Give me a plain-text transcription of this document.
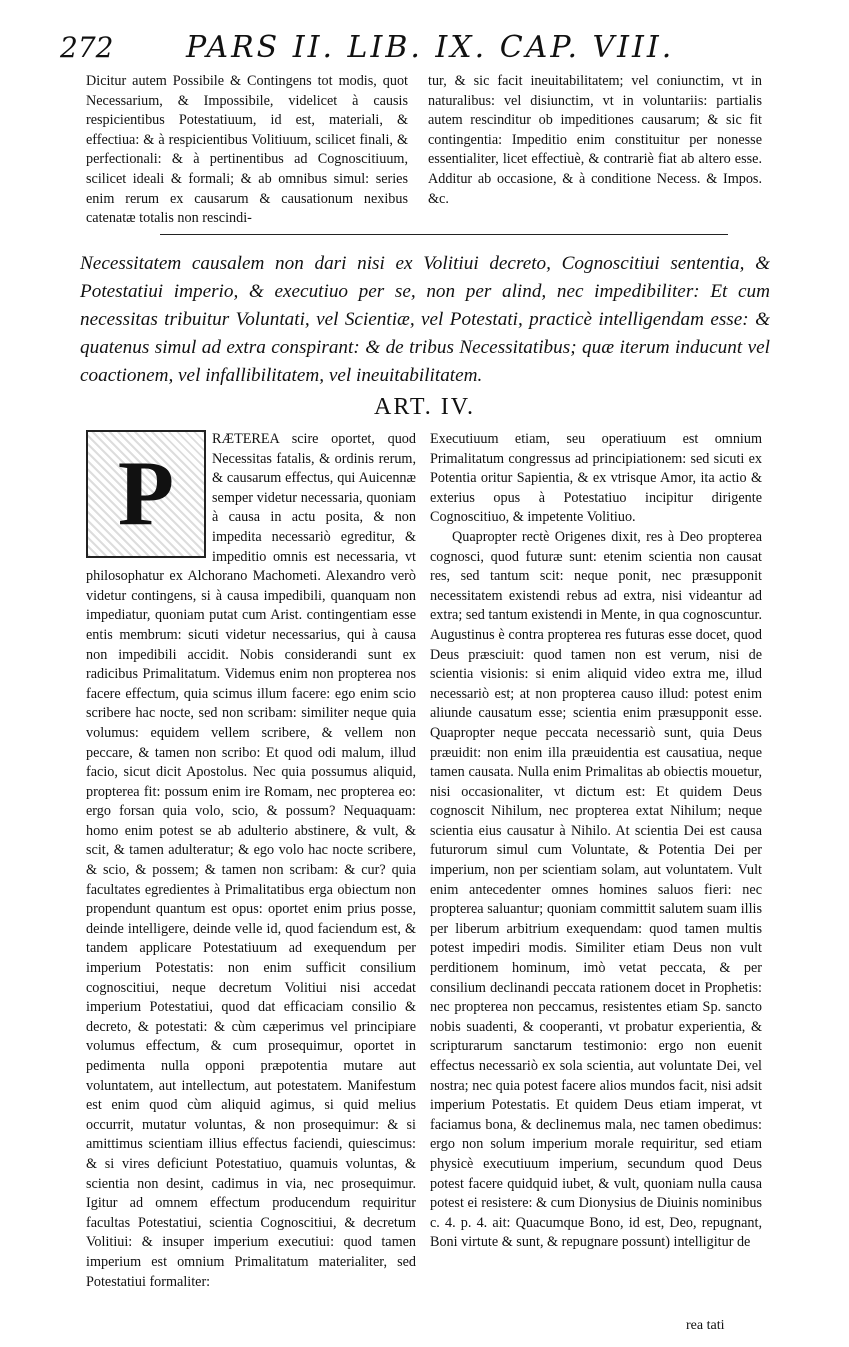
272	PARS II. LIB. IX. CAP. VIII.

Dicitur autem Possibile & Contingens tot modis, quot Necessarium, & Impossibile, videlicet à causis respicientibus Potestatiuum, id est, materiali, & effectiua: & à respicientibus Volitiuum, scilicet finali, & perfectionali: & à pertinentibus ad Cognoscitiuum, scilicet ideali & formali; & ab omnibus simul: series enim rerum ex causarum & causationum nexibus catenatæ totalis non rescindi-

tur, & sic facit ineuitabilitatem; vel coniunctim, vt in naturalibus: vel disiunctim, vt in voluntariis: partialis autem rescinditur ob impeditiones causarum; & sic fit contingentia: Impeditio enim constituitur per nonesse essentialiter, licet effectiuè, & contrariè fiat ab altero esse. Additur ab occasione, & à conditione Necess. & Impos. &c.

Necessitatem causalem non dari nisi ex Volitiui decreto, Cognoscitiui sententia, & Potestatiui imperio, & executiuo per se, non per alind, nec impedibiliter: Et cum necessitas tribuitur Voluntati, vel Scientiæ, vel Potestati, practicè intelligendam esse: & quatenus simul ad extra conspirant: & de tribus Necessitatibus; quæ iterum inducunt vel coactionem, vel infallibilitatem, vel ineuitabilitatem.
ART. IV.
P

RÆTEREA scire oportet, quod Necessitas fatalis, & ordinis rerum, & causarum effectus, qui Auicennæ semper videtur necessaria, quoniam à causa in actu posita, & non impedita necessariò egreditur, & impeditio omnis est necessaria, vt philosophatur ex Alchorano Machometi. Alexandro verò videtur contingens, si à causa impedibili, quanquam non impediatur, quoniam putat cum Arist. contingentiam esse entis membrum: sicuti videtur necessarius, qui à causa non impedibili accidit. Nobis considerandi sunt ex radicibus Primalitatum. Videmus enim non propterea nos facere effectum, quia scimus illum facere: ego enim scio scribere hac nocte, sed non scribam: similiter neque quia volumus: equidem vellem scribere, & vellem non peccare, & tamen non scribo: Et quod odi malum, illud facio, sicut dicit Apostolus. Nec quia possumus aliquid, propterea fit: possum enim ire Romam, nec propterea eo: ergo forsan quia volo, scio, & possum? Nequaquam: homo enim potest se ab adulterio abstinere, & vult, & scit, & tamen adulteratur; & ego volo hac nocte scribere, & scio, & possem; & tamen non scribam: & cur? quia facultates egredientes à Primalitatibus erga obiectum non propendunt quantum est opus: oportet enim prius posse, deinde intelligere, deinde velle id, quod faciendum est, & tandem applicare Potestatiuum ad exequendum per imperium Potestatis: non enim sufficit consilium cognoscitiui, neque decretum Volitiui nisi accedat imperium Potestatiui, quod dat efficaciam consilio & decreto, & potestati: & cùm cæperimus vel principiare volumus effectum, & cum prosequimur, oportet in pedimenta nulla opponi præpotentia mutare aut voluntatem, aut intellectum, aut potestatem. Manifestum est enim quod cùm aliquid agimus, si quid melius occurrit, mutatur voluntas, & non prosequimur: & si amittimus scientiam illius effectus faciendi, quiescimus: & si vires deficiunt Potestatiuo, quamuis voluntas, & scientia non desint, cadimus in via, nec prosequimur. Igitur ad omnem effectum producendum requiritur facultas Potestatiui, scientia Cognoscitiui, & decretum Volitiui: & insuper imperium executiui: quod tamen imperium est omnium Primalitatum materialiter, sed Potestatiui formaliter:

Executiuum etiam, seu operatiuum est omnium Primalitatum congressus ad principiationem: sed sicuti ex Potentia oritur Sapientia, & ex vtrisque Amor, ita actio & exterius opus à Potestatiuo incipitur dirigente Cognoscitiuo, & impetente Volitiuo.

Quapropter rectè Origenes dixit, res à Deo propterea cognosci, quod futuræ sunt: etenim scientia non causat res, sed tantum scit: neque ponit, nec præsupponit necessitatem existendi rebus ad extra, nisi videantur ad extra; sed tantum existendi in Mente, in qua cognoscuntur. Augustinus è contra propterea res futuras esse docet, quod Deus præsciuit: quod tamen non est verum, nisi de scientia visionis: si enim aliquid video extra me, illud necessariò est; at non propterea causo illud: potest enim aliunde causatum esse; scientia enim præsupponit esse. Quapropter neque peccata necessariò sunt, quia Deus præuidit: non enim illa præuidentia est causatiua, neque tamen causata. Nulla enim Primalitas ab obiectis mouetur, nisi occasionaliter, vt dictum est: Et quidem Deus cognoscit Nihilum, nec propterea extat Nihilum; neque scientia eius causatur à Nihilo. At scientia Dei est causa futurorum simul cum Voluntate, & Potentia Dei per imperium, non per scientiam solam, aut voluntatem. Vult enim antecedenter omnes homines saluos fieri: nec propterea saluantur; quoniam committit salutem suam illis per liberum arbitrium exequendam: quod tamen multis potest impediri modis. Similiter etiam Deus non vult perditionem hominum, imò vetat peccata, & per consilium declinandi peccata rationem docet in Prophetis: nec propterea non peccamus, resistentes etiam Sp. sancto nobis suadenti, & cooperanti, vt probatur experientia, & scripturarum sanctarum testimonio: ergo non euenit effectus necessariò ex sola scientia, aut voluntate Dei, vel nostra; nec quia potest facere alios mundos facit, nisi adsit imperium Potestatis. Et quidem Deus etiam imperat, vt faciamus bona, & declinemus mala, nec tamen obedimus: ergo non solum imperium morale requiritur, sed etiam physicè executiuum imperium, secundum quod Deus potest facere quidquid iubet, & vult, quoniam nulla causa potest ei resistere: & cum Dionysius de Diuinis nominibus c. 4. p. 4. ait: Quacumque Bono, id est, Deo, repugnant, Boni virtute & sunt, & repugnare possunt) intelligitur de

rea tati
